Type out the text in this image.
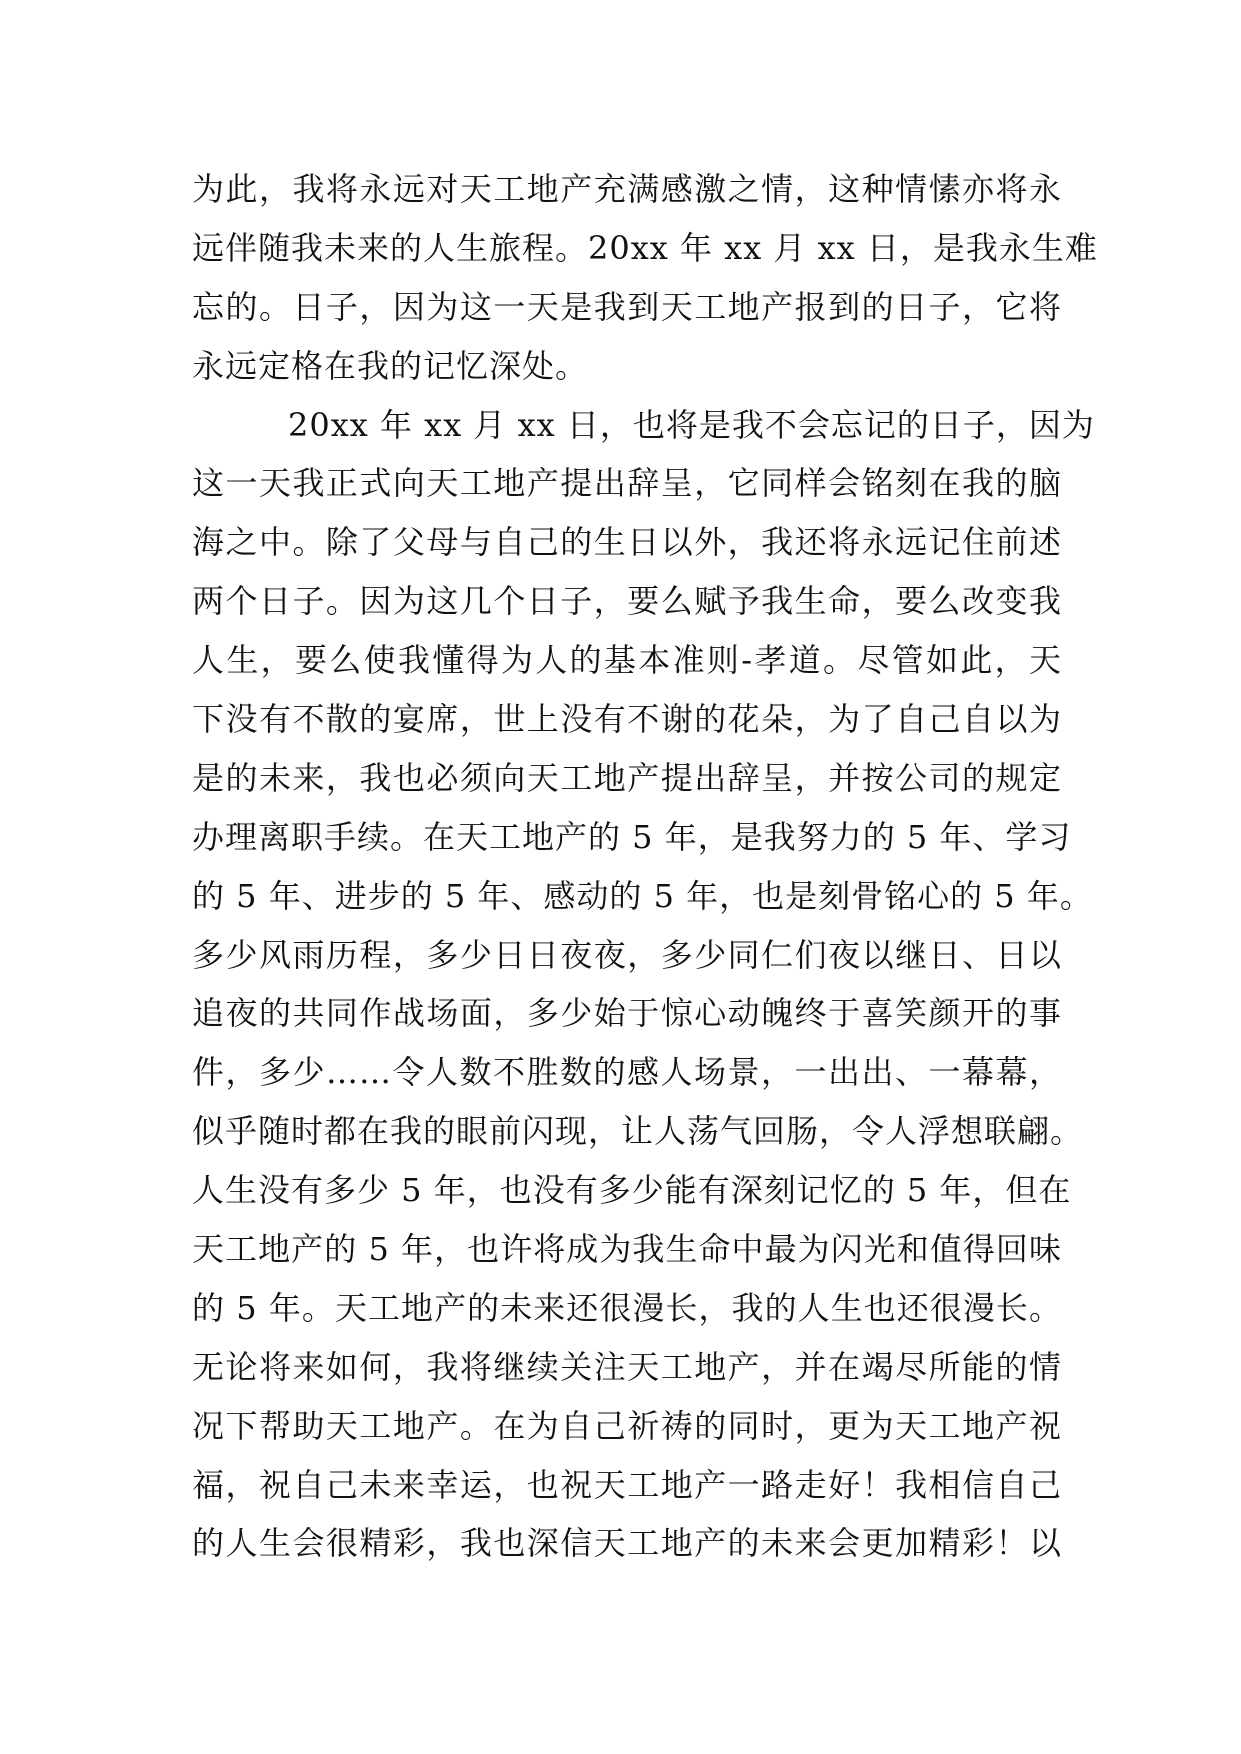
为此，我将永远对天工地产充满感激之情，这种情愫亦将永
远伴随我未来的人生旅程。20xx 年 xx 月 xx 日，是我永生难
忘的。日子，因为这一天是我到天工地产报到的日子，它将
永远定格在我的记忆深处。
20xx 年 xx 月 xx 日，也将是我不会忘记的日子，因为
这一天我正式向天工地产提出辞呈，它同样会铭刻在我的脑
海之中。除了父母与自己的生日以外，我还将永远记住前述
两个日子。因为这几个日子，要么赋予我生命，要么改变我
人生，要么使我懂得为人的基本准则-孝道。尽管如此，天
下没有不散的宴席，世上没有不谢的花朵，为了自己自以为
是的未来，我也必须向天工地产提出辞呈，并按公司的规定
办理离职手续。在天工地产的 5 年，是我努力的 5 年、学习
的 5 年、进步的 5 年、感动的 5 年，也是刻骨铭心的 5 年。
多少风雨历程，多少日日夜夜，多少同仁们夜以继日、日以
追夜的共同作战场面，多少始于惊心动魄终于喜笑颜开的事
件，多少……令人数不胜数的感人场景，一出出、一幕幕，
似乎随时都在我的眼前闪现，让人荡气回肠，令人浮想联翩。
人生没有多少 5 年，也没有多少能有深刻记忆的 5 年，但在
天工地产的 5 年，也许将成为我生命中最为闪光和值得回味
的 5 年。天工地产的未来还很漫长，我的人生也还很漫长。
无论将来如何，我将继续关注天工地产，并在竭尽所能的情
况下帮助天工地产。在为自己祈祷的同时，更为天工地产祝
福，祝自己未来幸运，也祝天工地产一路走好！我相信自己
的人生会很精彩，我也深信天工地产的未来会更加精彩！以
